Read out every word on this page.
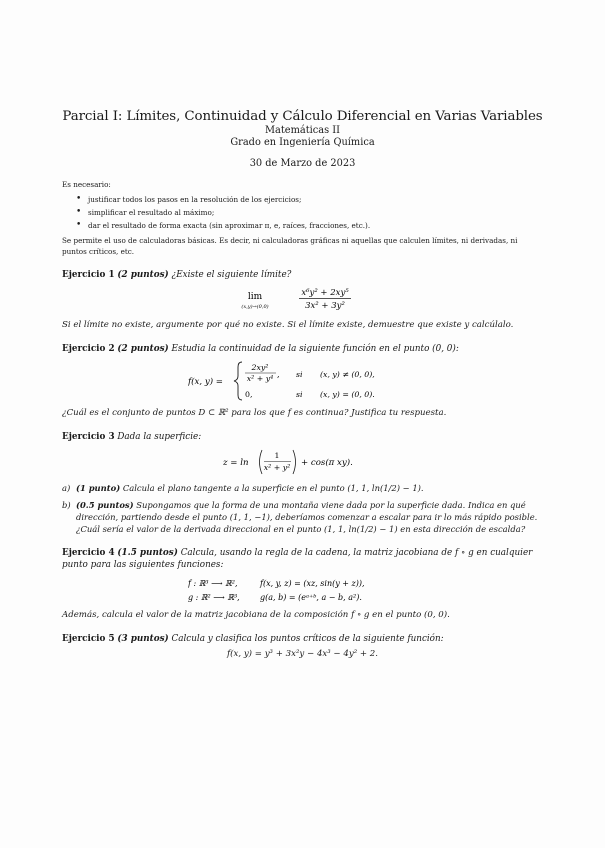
Parcial I: Límites, Continuidad y Cálculo Diferencial en Varias Variables
Matemáticas II
Grado en Ingeniería Química
30 de Marzo de 2023
Es necesario:
• justificar todos los pasos en la resolución de los ejercicios;
• simplificar el resultado al máximo;
• dar el resultado de forma exacta (sin aproximar π, e, raíces, fracciones, etc.).
Se permite el uso de calculadoras básicas. Es decir, ni calculadoras gráficas ni aquellas que calculen límites, ni derivadas, ni puntos críticos, etc.
Ejercicio 1 (2 puntos) ¿Existe el siguiente límite?
lim
(x,y)→(0,0)
x⁶y² + 2xy⁵
3x² + 3y²
Si el límite no existe, argumente por qué no existe. Si el límite existe, demuestre que existe y calcúlalo.
Ejercicio 2 (2 puntos) Estudia la continuidad de la siguiente función en el punto (0, 0):
f(x, y) =
2xy²
x² + y⁴ , si (x, y) ≠ (0, 0),
0,	si (x, y) = (0, 0).
¿Cuál es el conjunto de puntos D ⊂ ℝ² para los que f es continua? Justifica tu respuesta.
Ejercicio 3 Dada la superficie:
z = ln
1
x² + y² + cos(π xy).
a) (1 punto) Calcula el plano tangente a la superficie en el punto (1, 1, ln(1/2) − 1).
b) (0.5 puntos) Supongamos que la forma de una montaña viene dada por la superficie dada. Indica en qué dirección, partiendo desde el punto (1, 1, −1), deberíamos comenzar a escalar para ir lo más rápido posible. ¿Cuál sería el valor de la derivada direccional en el punto (1, 1, ln(1/2) − 1) en esta dirección de escalda?
Ejercicio 4 (1.5 puntos) Calcula, usando la regla de la cadena, la matriz jacobiana de f ∘ g en cualquier punto para las siguientes funciones:
f : ℝ³ ⟶ ℝ²,	f(x, y, z) = (xz, sin(y + z)),
g : ℝ² ⟶ ℝ³,	g(a, b) = (eᵃ⁺ᵇ, a − b, a²).
Además, calcula el valor de la matriz jacobiana de la composición f ∘ g en el punto (0, 0).
Ejercicio 5 (3 puntos) Calcula y clasifica los puntos críticos de la siguiente función:
f(x, y) = y³ + 3x²y − 4x³ − 4y² + 2.
